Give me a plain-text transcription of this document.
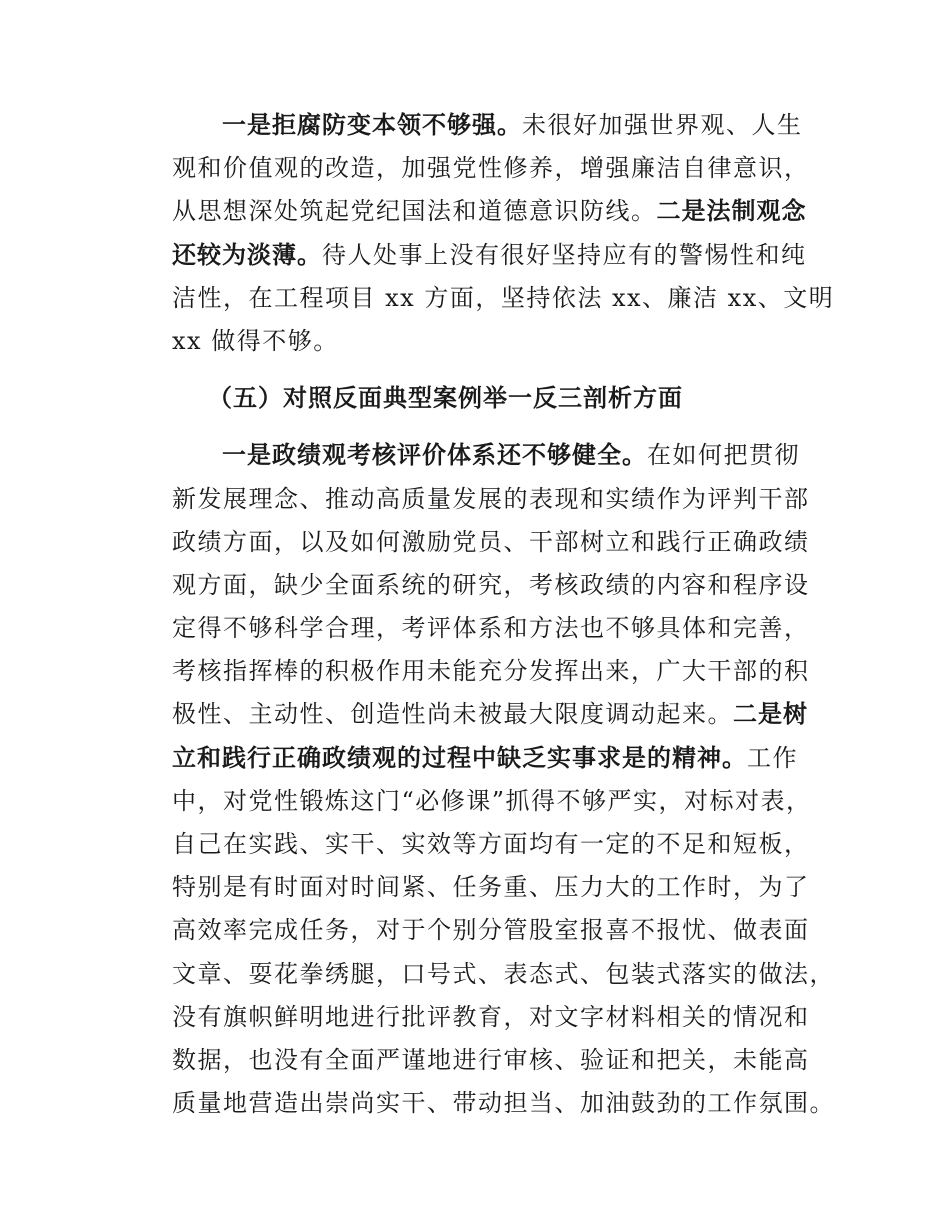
一是拒腐防变本领不够强。未很好加强世界观、人生
观和价值观的改造，加强党性修养，增强廉洁自律意识，
从思想深处筑起党纪国法和道德意识防线。二是法制观念
还较为淡薄。待人处事上没有很好坚持应有的警惕性和纯
洁性，在工程项目 xx 方面，坚持依法 xx、廉洁 xx、文明
xx 做得不够。
（五）对照反面典型案例举一反三剖析方面
一是政绩观考核评价体系还不够健全。在如何把贯彻
新发展理念、推动高质量发展的表现和实绩作为评判干部
政绩方面，以及如何激励党员、干部树立和践行正确政绩
观方面，缺少全面系统的研究，考核政绩的内容和程序设
定得不够科学合理，考评体系和方法也不够具体和完善，
考核指挥棒的积极作用未能充分发挥出来，广大干部的积
极性、主动性、创造性尚未被最大限度调动起来。二是树
立和践行正确政绩观的过程中缺乏实事求是的精神。工作
中，对党性锻炼这门“必修课”抓得不够严实，对标对表，
自己在实践、实干、实效等方面均有一定的不足和短板，
特别是有时面对时间紧、任务重、压力大的工作时，为了
高效率完成任务，对于个别分管股室报喜不报忧、做表面
文章、耍花拳绣腿，口号式、表态式、包装式落实的做法，
没有旗帜鲜明地进行批评教育，对文字材料相关的情况和
数据，也没有全面严谨地进行审核、验证和把关，未能高
质量地营造出崇尚实干、带动担当、加油鼓劲的工作氛围。
